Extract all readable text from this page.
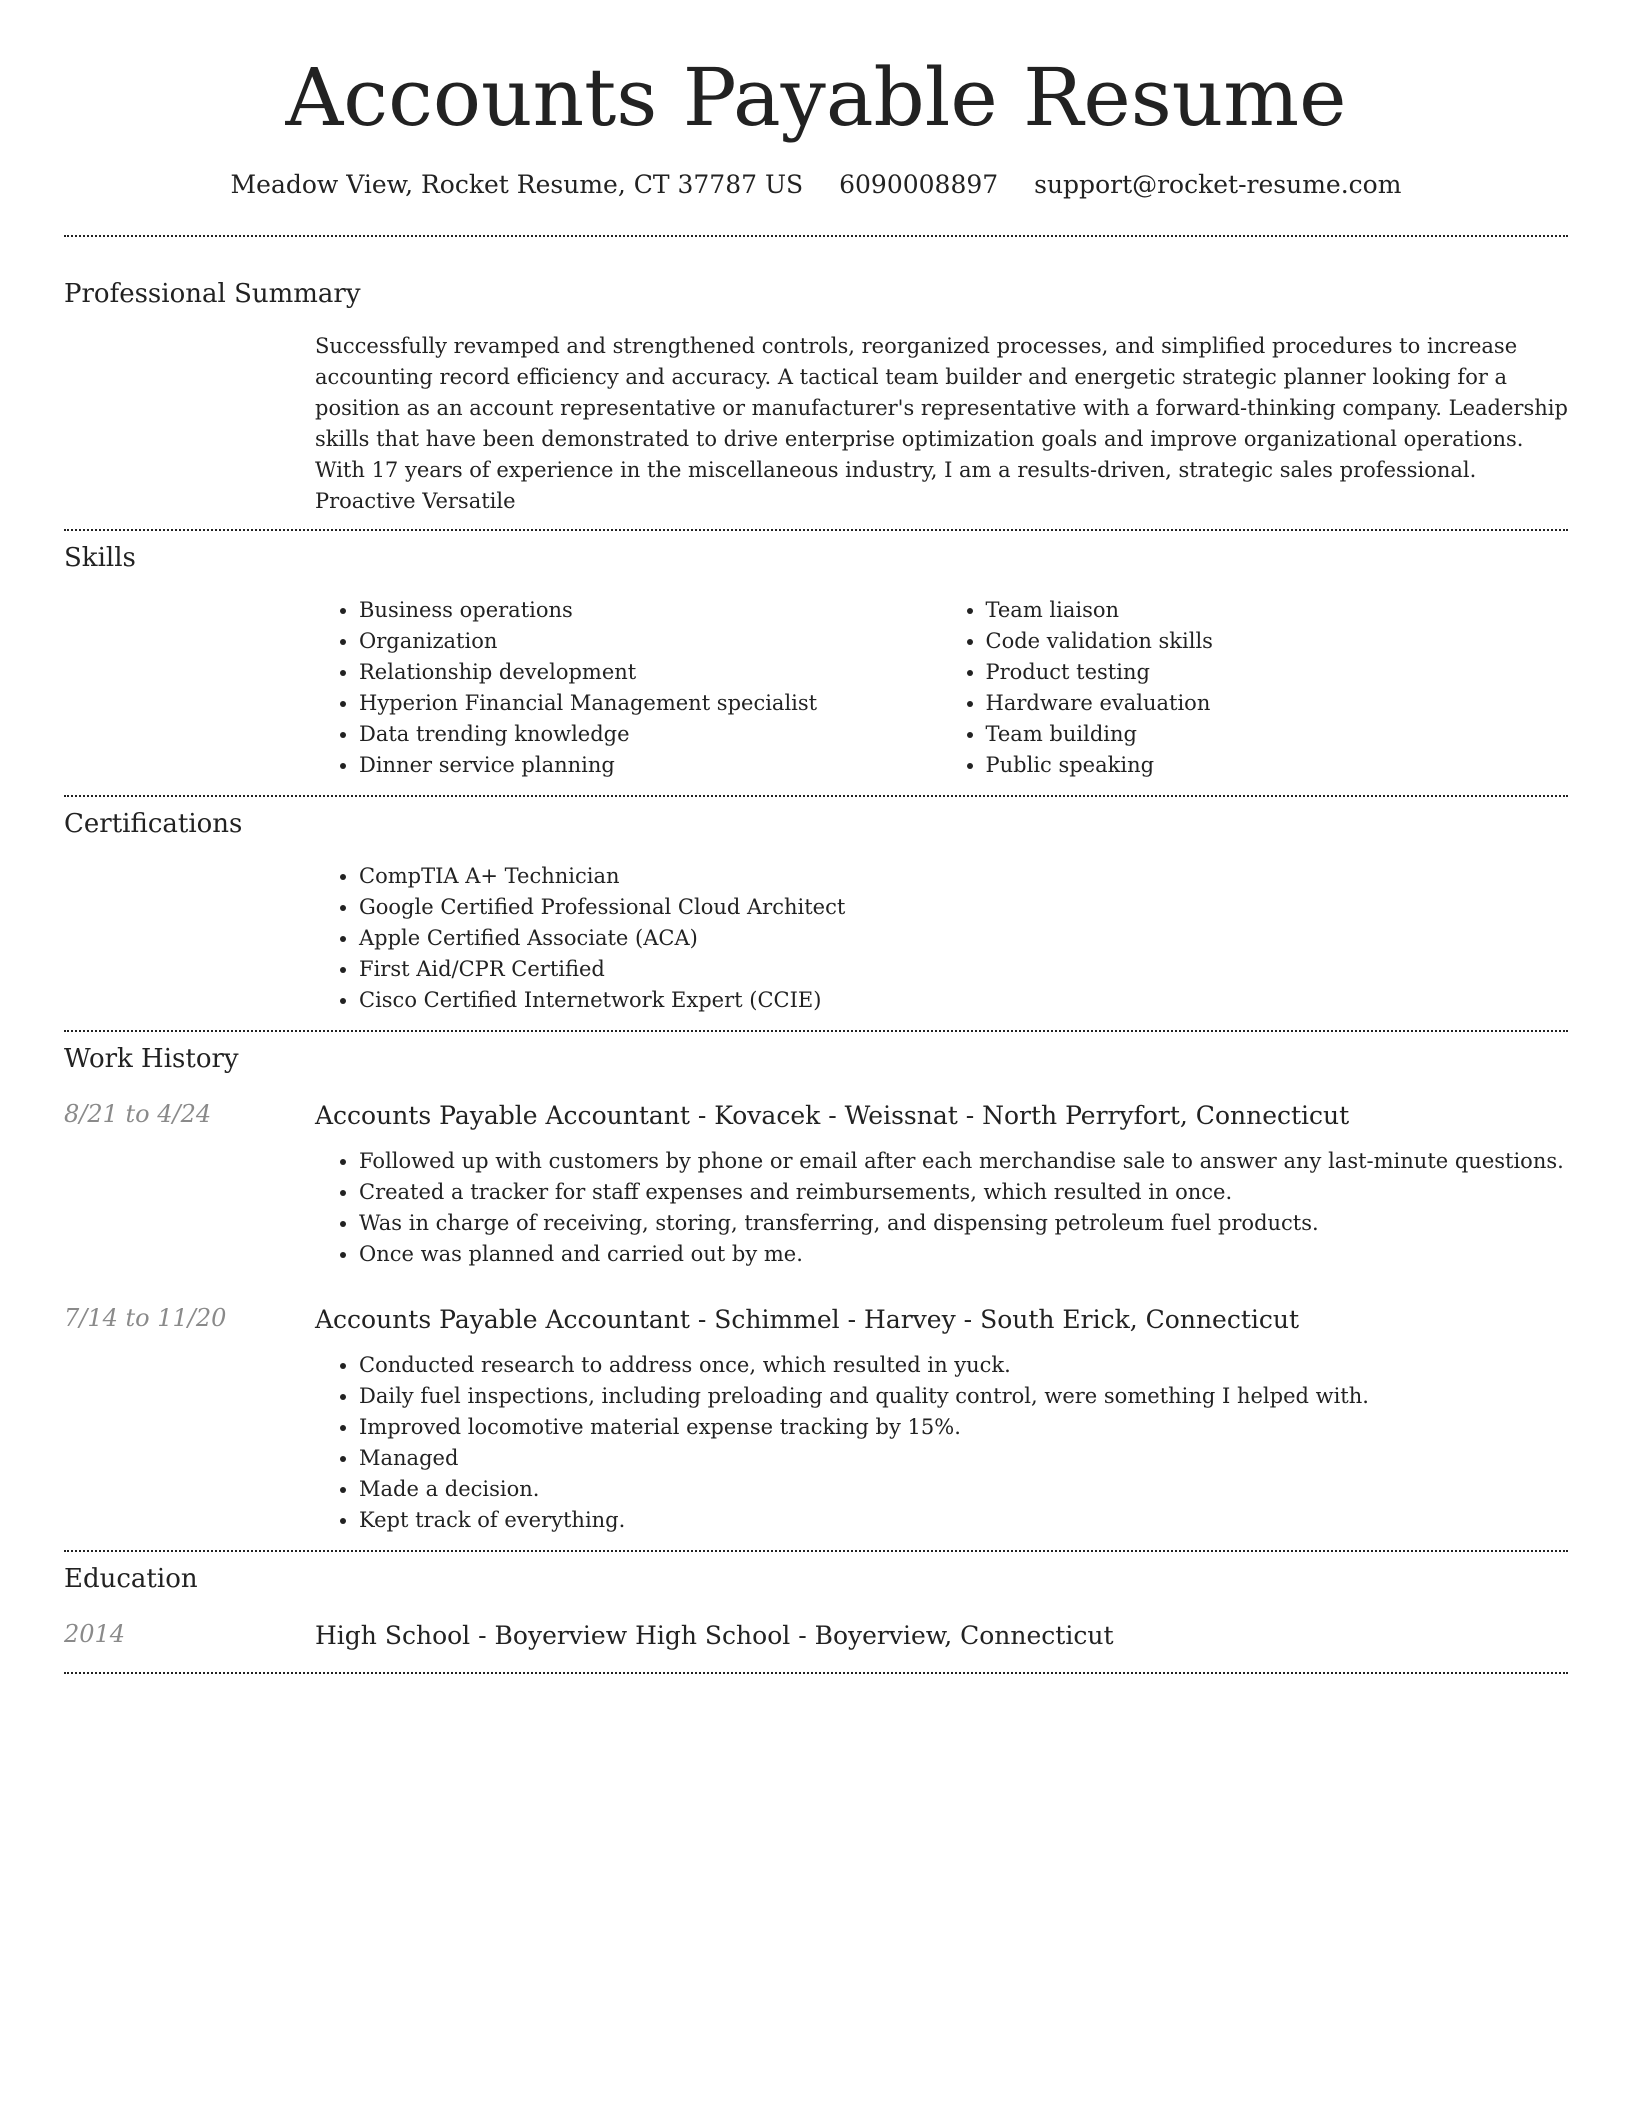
Accounts Payable Resume
Meadow View, Rocket Resume, CT 37787 US 6090008897 support@rocket-resume.com
Professional Summary

Successfully revamped and strengthened controls, reorganized processes, and simplified procedures to increase accounting record efficiency and accuracy. A tactical team builder and energetic strategic planner looking for a position as an account representative or manufacturer's representative with a forward-thinking company. Leadership skills that have been demonstrated to drive enterprise optimization goals and improve organizational operations. With 17 years of experience in the miscellaneous industry, I am a results-driven, strategic sales professional. Proactive Versatile

Skills
• Business operations
• Organization
• Relationship development
• Hyperion Financial Management specialist
• Data trending knowledge
• Dinner service planning
• Team liaison
• Code validation skills
• Product testing
• Hardware evaluation
• Team building
• Public speaking
Certifications
• CompTIA A+ Technician
• Google Certified Professional Cloud Architect
• Apple Certified Associate (ACA)
• First Aid/CPR Certified
• Cisco Certified Internetwork Expert (CCIE)
Work History
8/21 to 4/24	Accounts Payable Accountant - Kovacek - Weissnat - North Perryfort, Connecticut
• Followed up with customers by phone or email after each merchandise sale to answer any last-minute questions.
• Created a tracker for staff expenses and reimbursements, which resulted in once.
• Was in charge of receiving, storing, transferring, and dispensing petroleum fuel products.
• Once was planned and carried out by me.
7/14 to 11/20	Accounts Payable Accountant - Schimmel - Harvey - South Erick, Connecticut
• Conducted research to address once, which resulted in yuck.
• Daily fuel inspections, including preloading and quality control, were something I helped with.
• Improved locomotive material expense tracking by 15%.
• Managed
• Made a decision.
• Kept track of everything.
Education
2014	High School - Boyerview High School - Boyerview, Connecticut
